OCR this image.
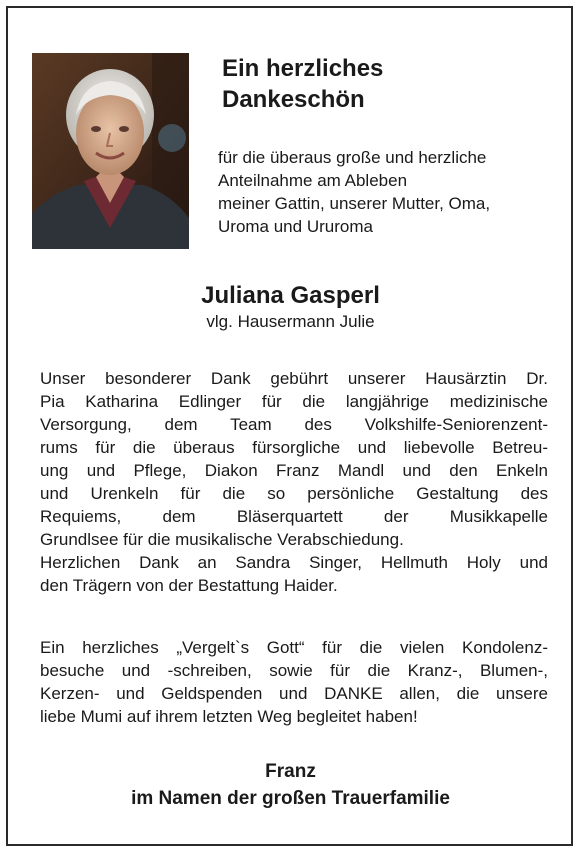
Ein herzliches
Dankeschön
für die überaus große und herzliche
Anteilnahme am Ableben
meiner Gattin, unserer Mutter, Oma,
Uroma und Ururoma
Juliana Gasperl
vlg. Hausermann Julie
Unser besonderer Dank gebührt unserer Hausärztin Dr.
Pia Katharina Edlinger für die langjährige medizinische
Versorgung, dem Team des Volkshilfe-Seniorenzent-
rums für die überaus fürsorgliche und liebevolle Betreu-
ung und Pflege, Diakon Franz Mandl und den Enkeln
und Urenkeln für die so persönliche Gestaltung des
Requiems, dem Bläserquartett der Musikkapelle
Grundlsee für die musikalische Verabschiedung.
Herzlichen Dank an Sandra Singer, Hellmuth Holy und
den Trägern von der Bestattung Haider.
Ein herzliches „Vergelt`s Gott“ für die vielen Kondolenz-
besuche und -schreiben, sowie für die Kranz-, Blumen-,
Kerzen- und Geldspenden und DANKE allen, die unsere
liebe Mumi auf ihrem letzten Weg begleitet haben!
Franz
im Namen der großen Trauerfamilie
